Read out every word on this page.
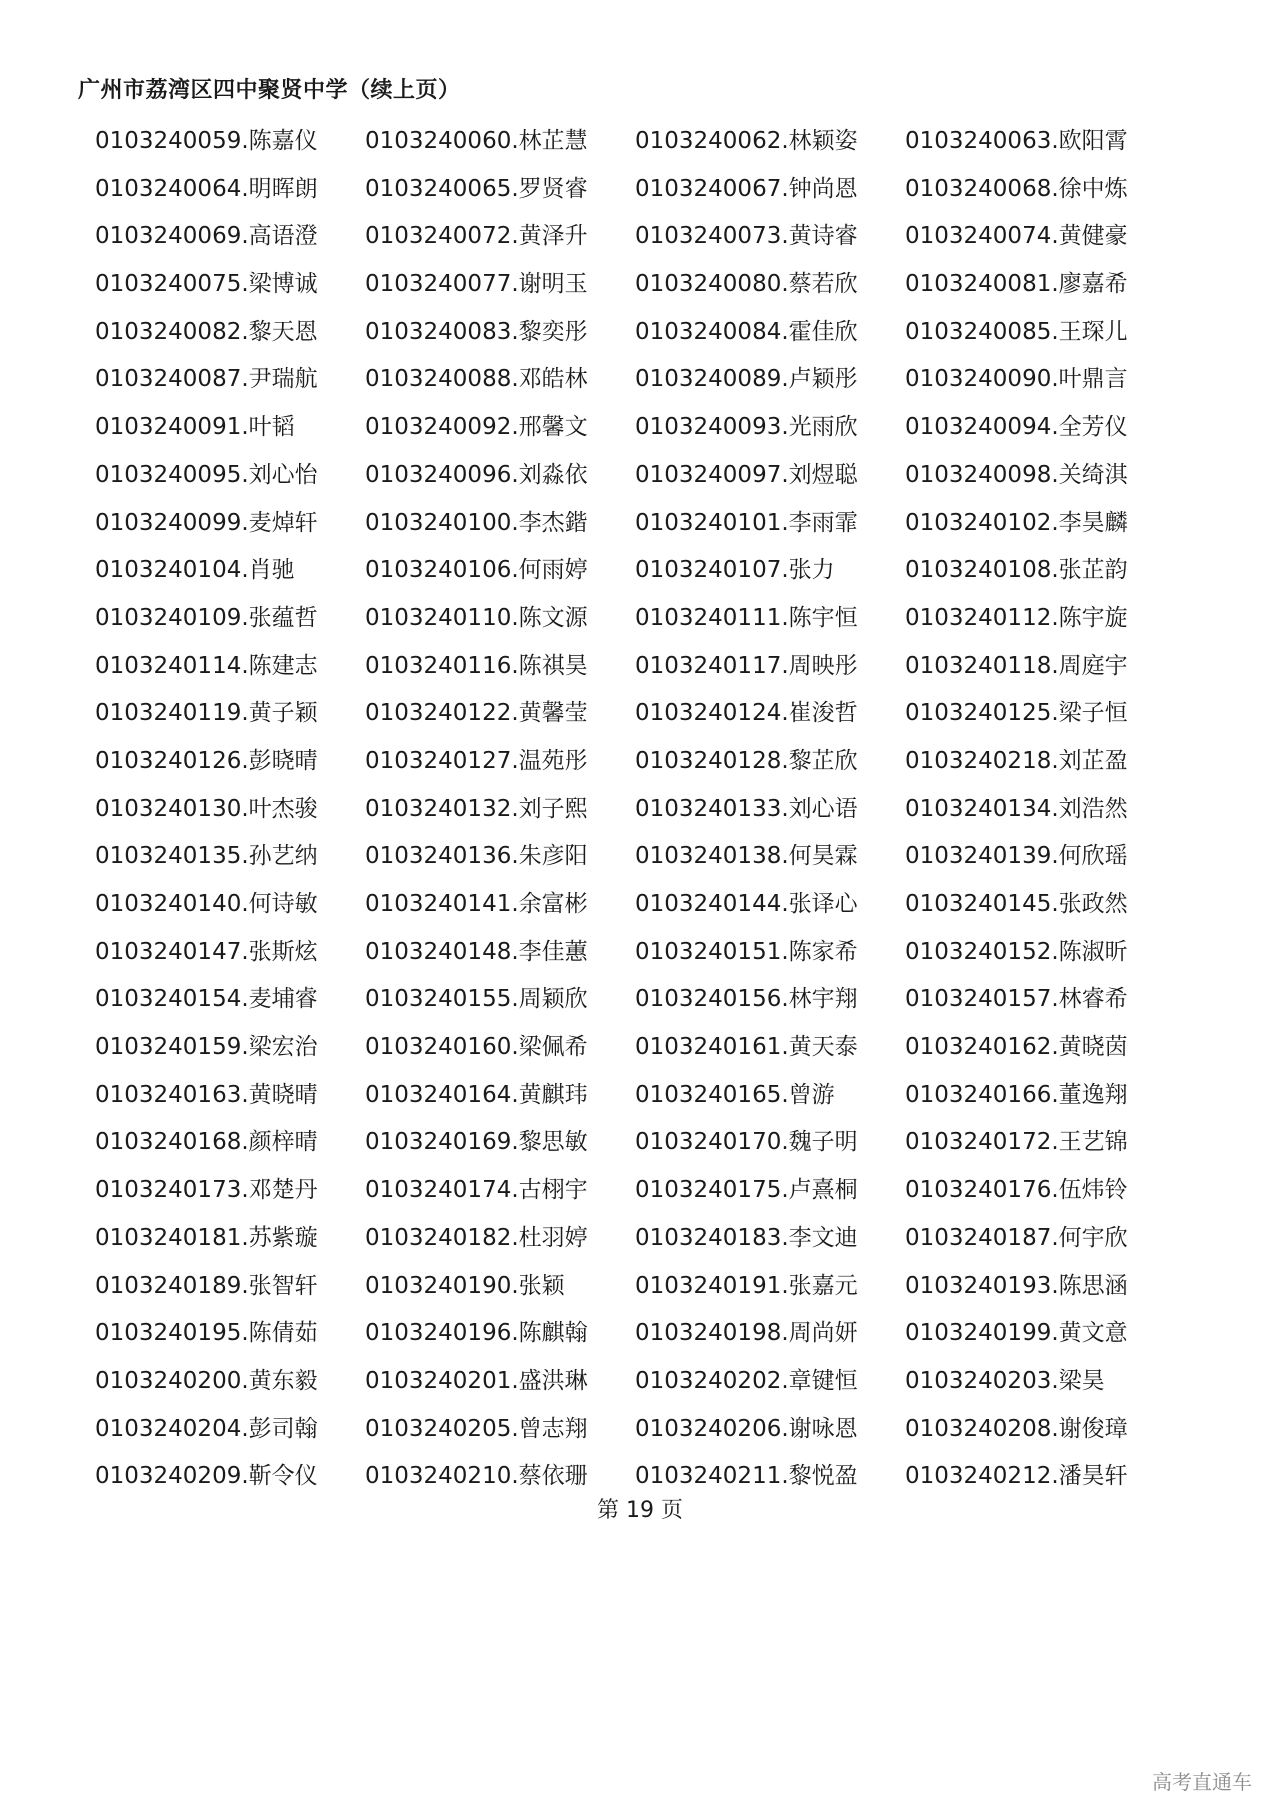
广州市荔湾区四中聚贤中学（续上页）
0103240059.陈嘉仪	0103240060.林芷慧	0103240062.林颖姿	0103240063.欧阳霄
0103240064.明晖朗	0103240065.罗贤睿	0103240067.钟尚恩	0103240068.徐中炼
0103240069.高语澄	0103240072.黄泽升	0103240073.黄诗睿	0103240074.黄健豪
0103240075.梁博诚	0103240077.谢明玉	0103240080.蔡若欣	0103240081.廖嘉希
0103240082.黎天恩	0103240083.黎奕彤	0103240084.霍佳欣	0103240085.王琛儿
0103240087.尹瑞航	0103240088.邓皓林	0103240089.卢颖彤	0103240090.叶鼎言
0103240091.叶韬	0103240092.邢馨文	0103240093.光雨欣	0103240094.全芳仪
0103240095.刘心怡	0103240096.刘淼依	0103240097.刘煜聪	0103240098.关绮淇
0103240099.麦焯轩	0103240100.李杰鍇	0103240101.李雨霏	0103240102.李昊麟
0103240104.肖驰	0103240106.何雨婷	0103240107.张力	0103240108.张芷韵
0103240109.张蕴哲	0103240110.陈文源	0103240111.陈宇恒	0103240112.陈宇旋
0103240114.陈建志	0103240116.陈祺昊	0103240117.周映彤	0103240118.周庭宇
0103240119.黄子颖	0103240122.黄馨莹	0103240124.崔浚哲	0103240125.梁子恒
0103240126.彭晓晴	0103240127.温苑彤	0103240128.黎芷欣	0103240218.刘芷盈
0103240130.叶杰骏	0103240132.刘子熙	0103240133.刘心语	0103240134.刘浩然
0103240135.孙艺纳	0103240136.朱彦阳	0103240138.何昊霖	0103240139.何欣瑶
0103240140.何诗敏	0103240141.余富彬	0103240144.张译心	0103240145.张政然
0103240147.张斯炫	0103240148.李佳蕙	0103240151.陈家希	0103240152.陈淑昕
0103240154.麦埔睿	0103240155.周颖欣	0103240156.林宇翔	0103240157.林睿希
0103240159.梁宏治	0103240160.梁佩希	0103240161.黄天泰	0103240162.黄晓茵
0103240163.黄晓晴	0103240164.黄麒玮	0103240165.曾游	0103240166.董逸翔
0103240168.颜梓晴	0103240169.黎思敏	0103240170.魏子明	0103240172.王艺锦
0103240173.邓楚丹	0103240174.古栩宇	0103240175.卢熹桐	0103240176.伍炜铃
0103240181.苏紫璇	0103240182.杜羽婷	0103240183.李文迪	0103240187.何宇欣
0103240189.张智轩	0103240190.张颖	0103240191.张嘉元	0103240193.陈思涵
0103240195.陈倩茹	0103240196.陈麒翰	0103240198.周尚妍	0103240199.黄文意
0103240200.黄东毅	0103240201.盛洪琳	0103240202.章键恒	0103240203.梁昊
0103240204.彭司翰	0103240205.曾志翔	0103240206.谢咏恩	0103240208.谢俊璋
0103240209.靳令仪	0103240210.蔡依珊	0103240211.黎悦盈	0103240212.潘昊轩
第 19 页
高考直通车
